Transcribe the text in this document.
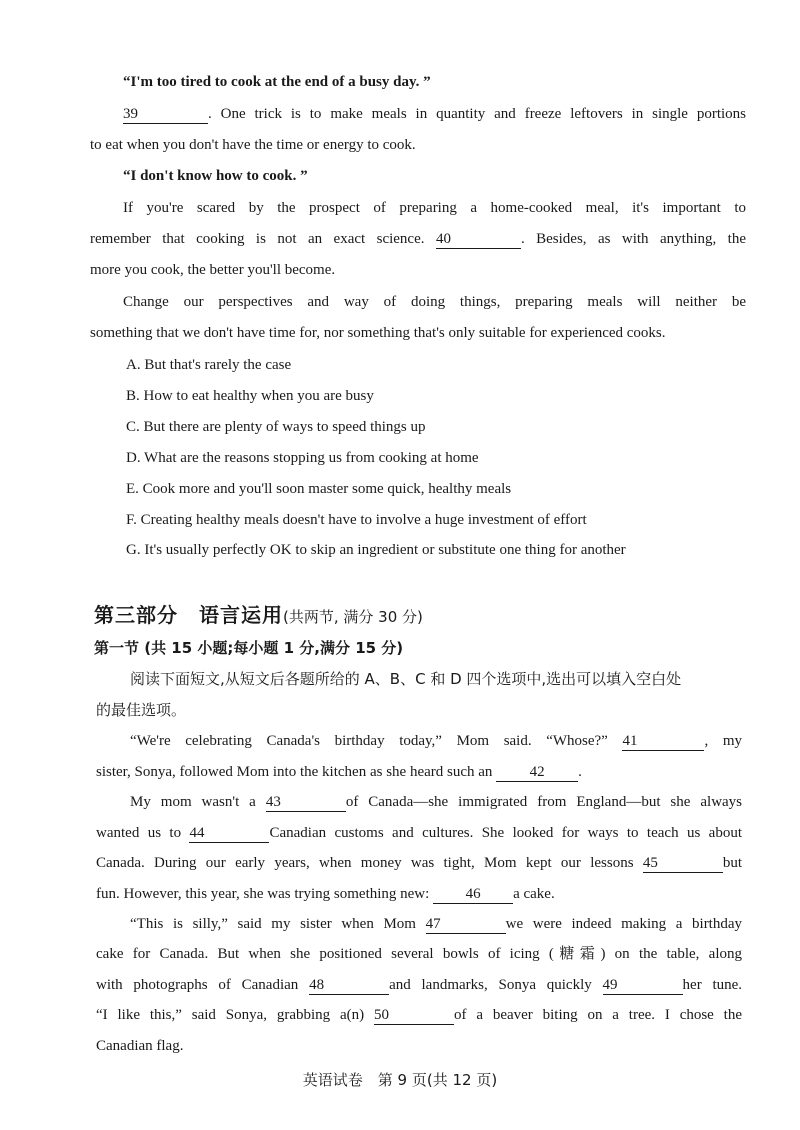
“I'm too tired to cook at the end of a busy day. ”
39	. One trick is to make meals in quantity and freeze leftovers in single portions
to eat when you don't have the time or energy to cook.
“I don't know how to cook. ”
If you're scared by the prospect of preparing a home-cooked meal, it's important to
remember that cooking is not an exact science. 40	. Besides, as with anything, the
more you cook, the better you'll become.
Change our perspectives and way of doing things, preparing meals will neither be
something that we don't have time for, nor something that's only suitable for experienced cooks.
A. But that's rarely the case
B. How to eat healthy when you are busy
C. But there are plenty of ways to speed things up
D. What are the reasons stopping us from cooking at home
E. Cook more and you'll soon master some quick, healthy meals
F. Creating healthy meals doesn't have to involve a huge investment of effort
G. It's usually perfectly OK to skip an ingredient or substitute one thing for another
第三部分　语言运用(共两节, 满分 30 分)
第一节 (共 15 小题;每小题 1 分,满分 15 分)
阅读下面短文,从短文后各题所给的 A、B、C 和 D 四个选项中,选出可以填入空白处
的最佳选项。
“We're celebrating Canada's birthday today,” Mom said. “Whose?” 41	, my
sister, Sonya, followed Mom into the kitchen as she heard such an 42 .
My mom wasn't a 43	of Canada—she immigrated from England—but she always
wanted us to 44	Canadian customs and cultures. She looked for ways to teach us about
Canada. During our early years, when money was tight, Mom kept our lessons 45	but
fun. However, this year, she was trying something new: 46 a cake.
“This is silly,” said my sister when Mom 47	we were indeed making a birthday
cake for Canada. But when she positioned several bowls of icing (糖霜) on the table, along
with photographs of Canadian 48	and landmarks, Sonya quickly 49	her tune.
“I like this,” said Sonya, grabbing a(n) 50	of a beaver biting on a tree. I chose the
Canadian flag.
英语试卷　第 9 页(共 12 页)
